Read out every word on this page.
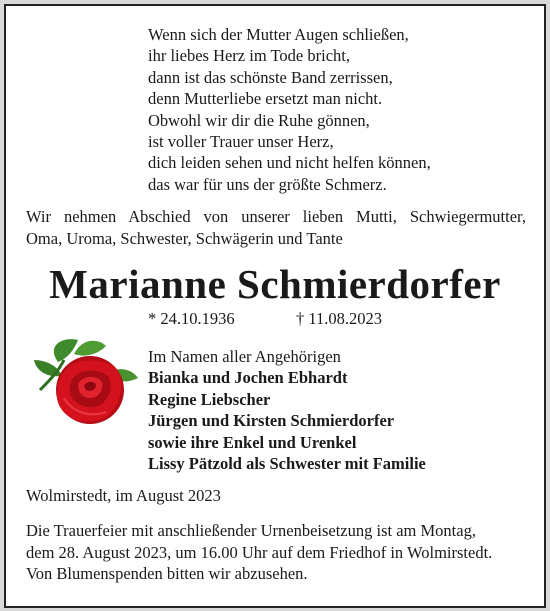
Wenn sich der Mutter Augen schließen,
ihr liebes Herz im Tode bricht,
dann ist das schönste Band zerrissen,
denn Mutterliebe ersetzt man nicht.
Obwohl wir dir die Ruhe gönnen,
ist voller Trauer unser Herz,
dich leiden sehen und nicht helfen können,
das war für uns der größte Schmerz.
Wir nehmen Abschied von unserer lieben Mutti, Schwiegermutter,
Oma, Uroma, Schwester, Schwägerin und Tante
Marianne Schmierdorfer
* 24.10.1936	† 11.08.2023
Im Namen aller Angehörigen
Bianka und Jochen Ebhardt
Regine Liebscher
Jürgen und Kirsten Schmierdorfer
sowie ihre Enkel und Urenkel
Lissy Pätzold als Schwester mit Familie
Wolmirstedt, im August 2023
Die Trauerfeier mit anschließender Urnenbeisetzung ist am Montag,
dem 28. August 2023, um 16.00 Uhr auf dem Friedhof in Wolmirstedt.
Von Blumenspenden bitten wir abzusehen.
